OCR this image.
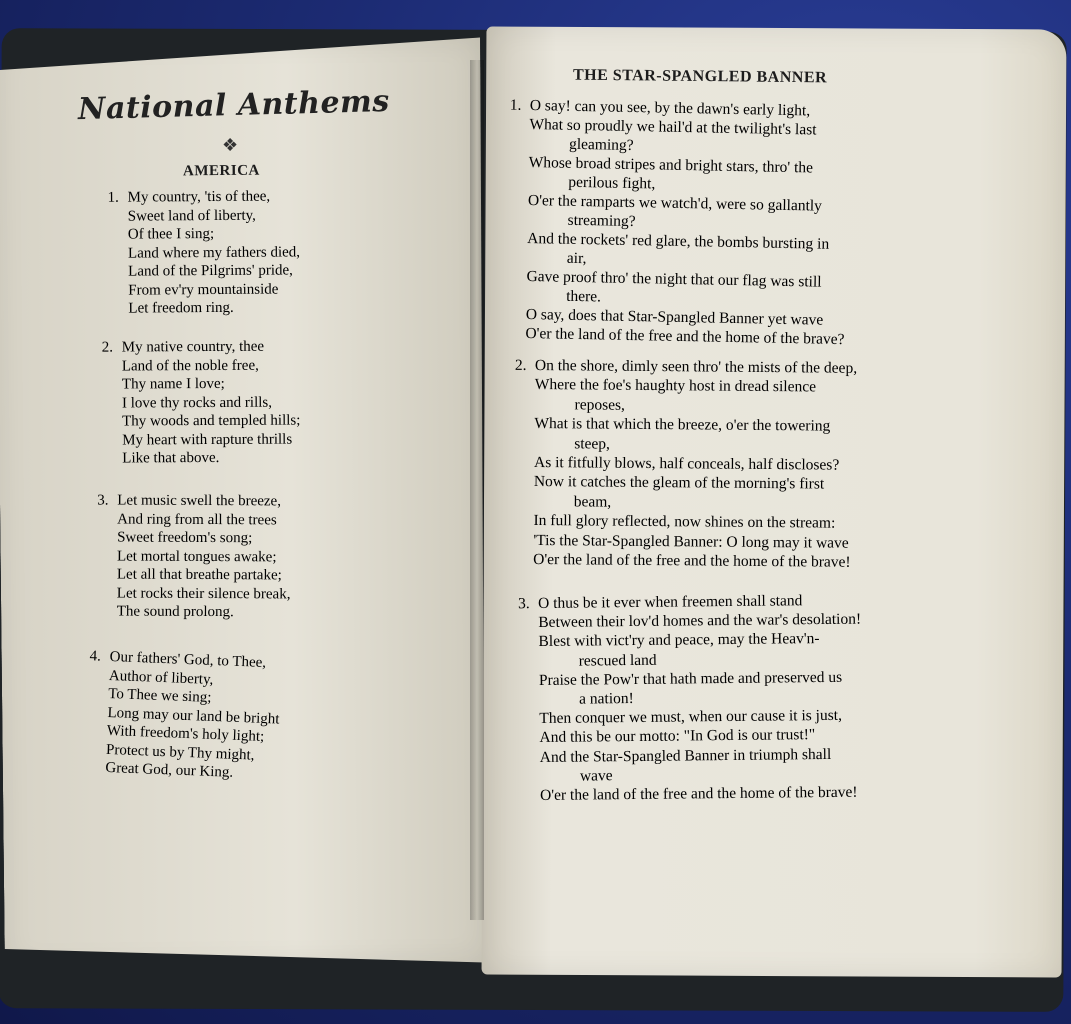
National Anthems
❖
AMERICA
1. My country, 'tis of thee,
Sweet land of liberty,
Of thee I sing;
Land where my fathers died,
Land of the Pilgrims' pride,
From ev'ry mountainside
Let freedom ring.
2. My native country, thee
Land of the noble free,
Thy name I love;
I love thy rocks and rills,
Thy woods and templed hills;
My heart with rapture thrills
Like that above.
3. Let music swell the breeze,
And ring from all the trees
Sweet freedom's song;
Let mortal tongues awake;
Let all that breathe partake;
Let rocks their silence break,
The sound prolong.
4. Our fathers' God, to Thee,
Author of liberty,
To Thee we sing;
Long may our land be bright
With freedom's holy light;
Protect us by Thy might,
Great God, our King.
THE STAR-SPANGLED BANNER
1. O say! can you see, by the dawn's early light,
What so proudly we hail'd at the twilight's last
gleaming?
Whose broad stripes and bright stars, thro' the
perilous fight,
O'er the ramparts we watch'd, were so gallantly
streaming?
And the rockets' red glare, the bombs bursting in
air,
Gave proof thro' the night that our flag was still
there.
O say, does that Star-Spangled Banner yet wave
O'er the land of the free and the home of the brave?
2. On the shore, dimly seen thro' the mists of the deep,
Where the foe's haughty host in dread silence
reposes,
What is that which the breeze, o'er the towering
steep,
As it fitfully blows, half conceals, half discloses?
Now it catches the gleam of the morning's first
beam,
In full glory reflected, now shines on the stream:
'Tis the Star-Spangled Banner: O long may it wave
O'er the land of the free and the home of the brave!
3. O thus be it ever when freemen shall stand
Between their lov'd homes and the war's desolation!
Blest with vict'ry and peace, may the Heav'n-
rescued land
Praise the Pow'r that hath made and preserved us
a nation!
Then conquer we must, when our cause it is just,
And this be our motto: "In God is our trust!"
And the Star-Spangled Banner in triumph shall
wave
O'er the land of the free and the home of the brave!
